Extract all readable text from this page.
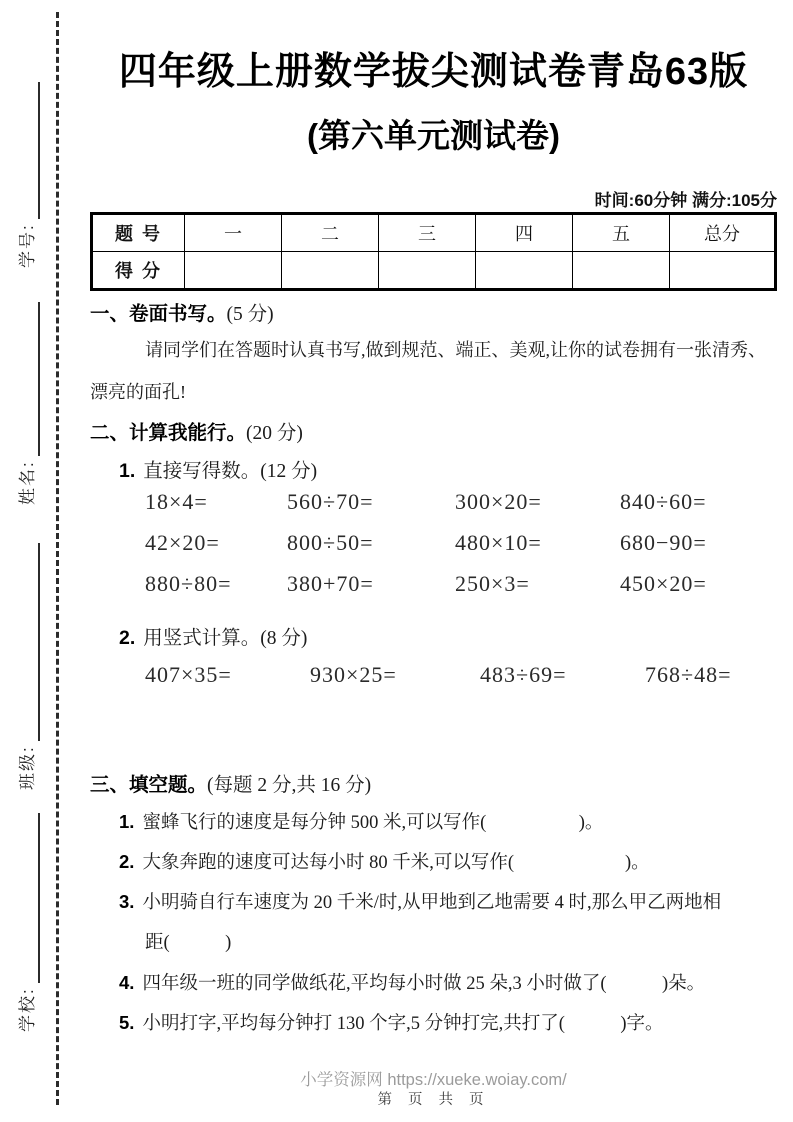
学号:
姓名:
班级:
学校:
四年级上册数学拔尖测试卷青岛63版
(第六单元测试卷)
时间:60分钟 满分:105分
题 号	一	二	三	四	五	总分
得 分						
一、卷面书写。(5 分)
请同学们在答题时认真书写,做到规范、端正、美观,让你的试卷拥有一张清秀、
漂亮的面孔!
二、计算我能行。(20 分)
1. 直接写得数。(12 分)
18×4=	560÷70=	300×20=	840÷60=
42×20=	800÷50=	480×10=	680−90=
880÷80=	380+70=	250×3=	450×20=
2. 用竖式计算。(8 分)
407×35=	930×25=	483÷69=	768÷48=
三、填空题。(每题 2 分,共 16 分)
1. 蜜蜂飞行的速度是每分钟 500 米,可以写作(　　　　　)。
2. 大象奔跑的速度可达每小时 80 千米,可以写作(　　　　　　)。
3. 小明骑自行车速度为 20 千米/时,从甲地到乙地需要 4 时,那么甲乙两地相
距(　　　)
4. 四年级一班的同学做纸花,平均每小时做 25 朵,3 小时做了(　　　)朵。
5. 小明打字,平均每分钟打 130 个字,5 分钟打完,共打了(　　　)字。
小学资源网 https://xueke.woiay.com/
第 页 共 页
